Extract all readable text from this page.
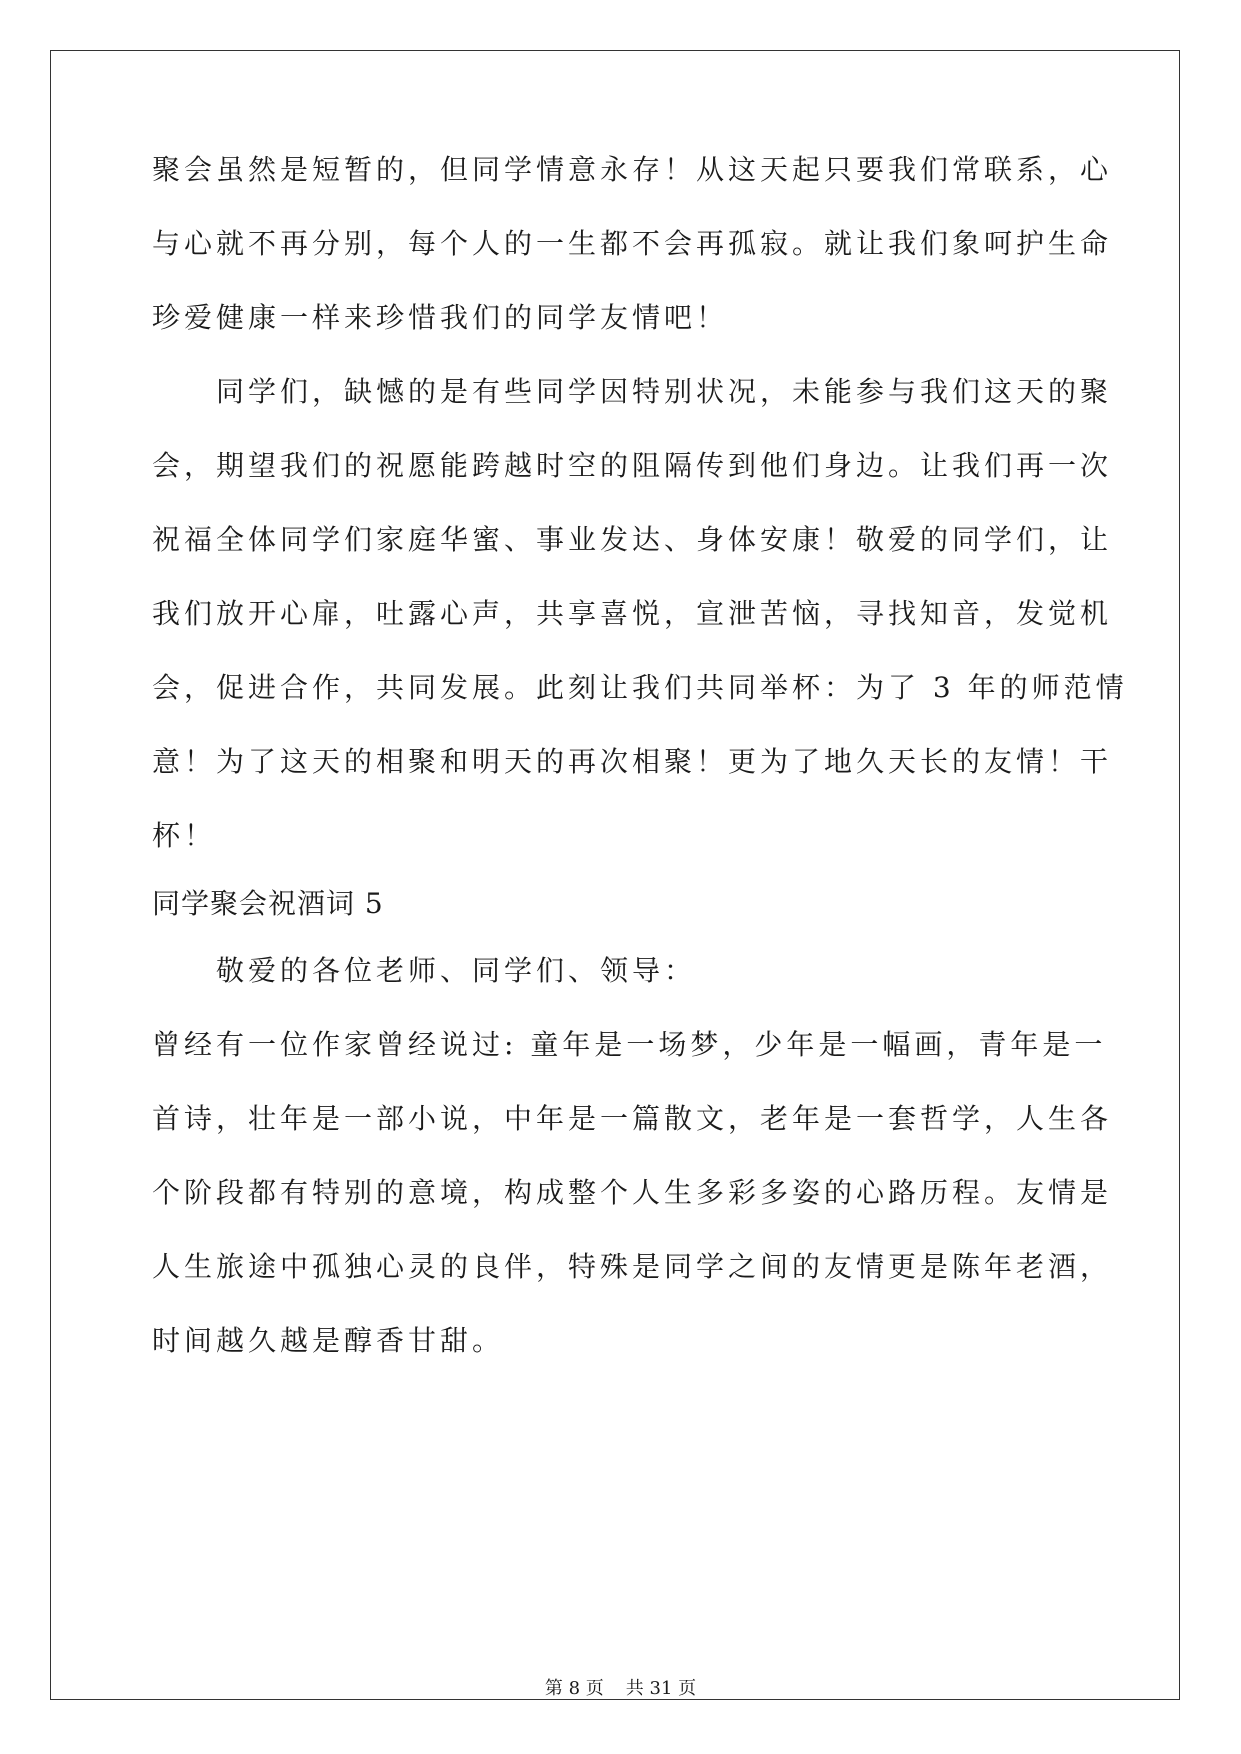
聚会虽然是短暂的，但同学情意永存！从这天起只要我们常联系，心
与心就不再分别，每个人的一生都不会再孤寂。就让我们象呵护生命
珍爱健康一样来珍惜我们的同学友情吧！
　　同学们，缺憾的是有些同学因特别状况，未能参与我们这天的聚
会，期望我们的祝愿能跨越时空的阻隔传到他们身边。让我们再一次
祝福全体同学们家庭华蜜、事业发达、身体安康！敬爱的同学们，让
我们放开心扉，吐露心声，共享喜悦，宣泄苦恼，寻找知音，发觉机
会，促进合作，共同发展。此刻让我们共同举杯：为了 3 年的师范情
意！为了这天的相聚和明天的再次相聚！更为了地久天长的友情！干
杯！
同学聚会祝酒词 5
　　敬爱的各位老师、同学们、领导：
曾经有一位作家曾经说过: 童年是一场梦，少年是一幅画，青年是一
首诗，壮年是一部小说，中年是一篇散文，老年是一套哲学，人生各
个阶段都有特别的意境，构成整个人生多彩多姿的心路历程。友情是
人生旅途中孤独心灵的良伴，特殊是同学之间的友情更是陈年老酒，
时间越久越是醇香甘甜。
第 8 页 共 31 页
